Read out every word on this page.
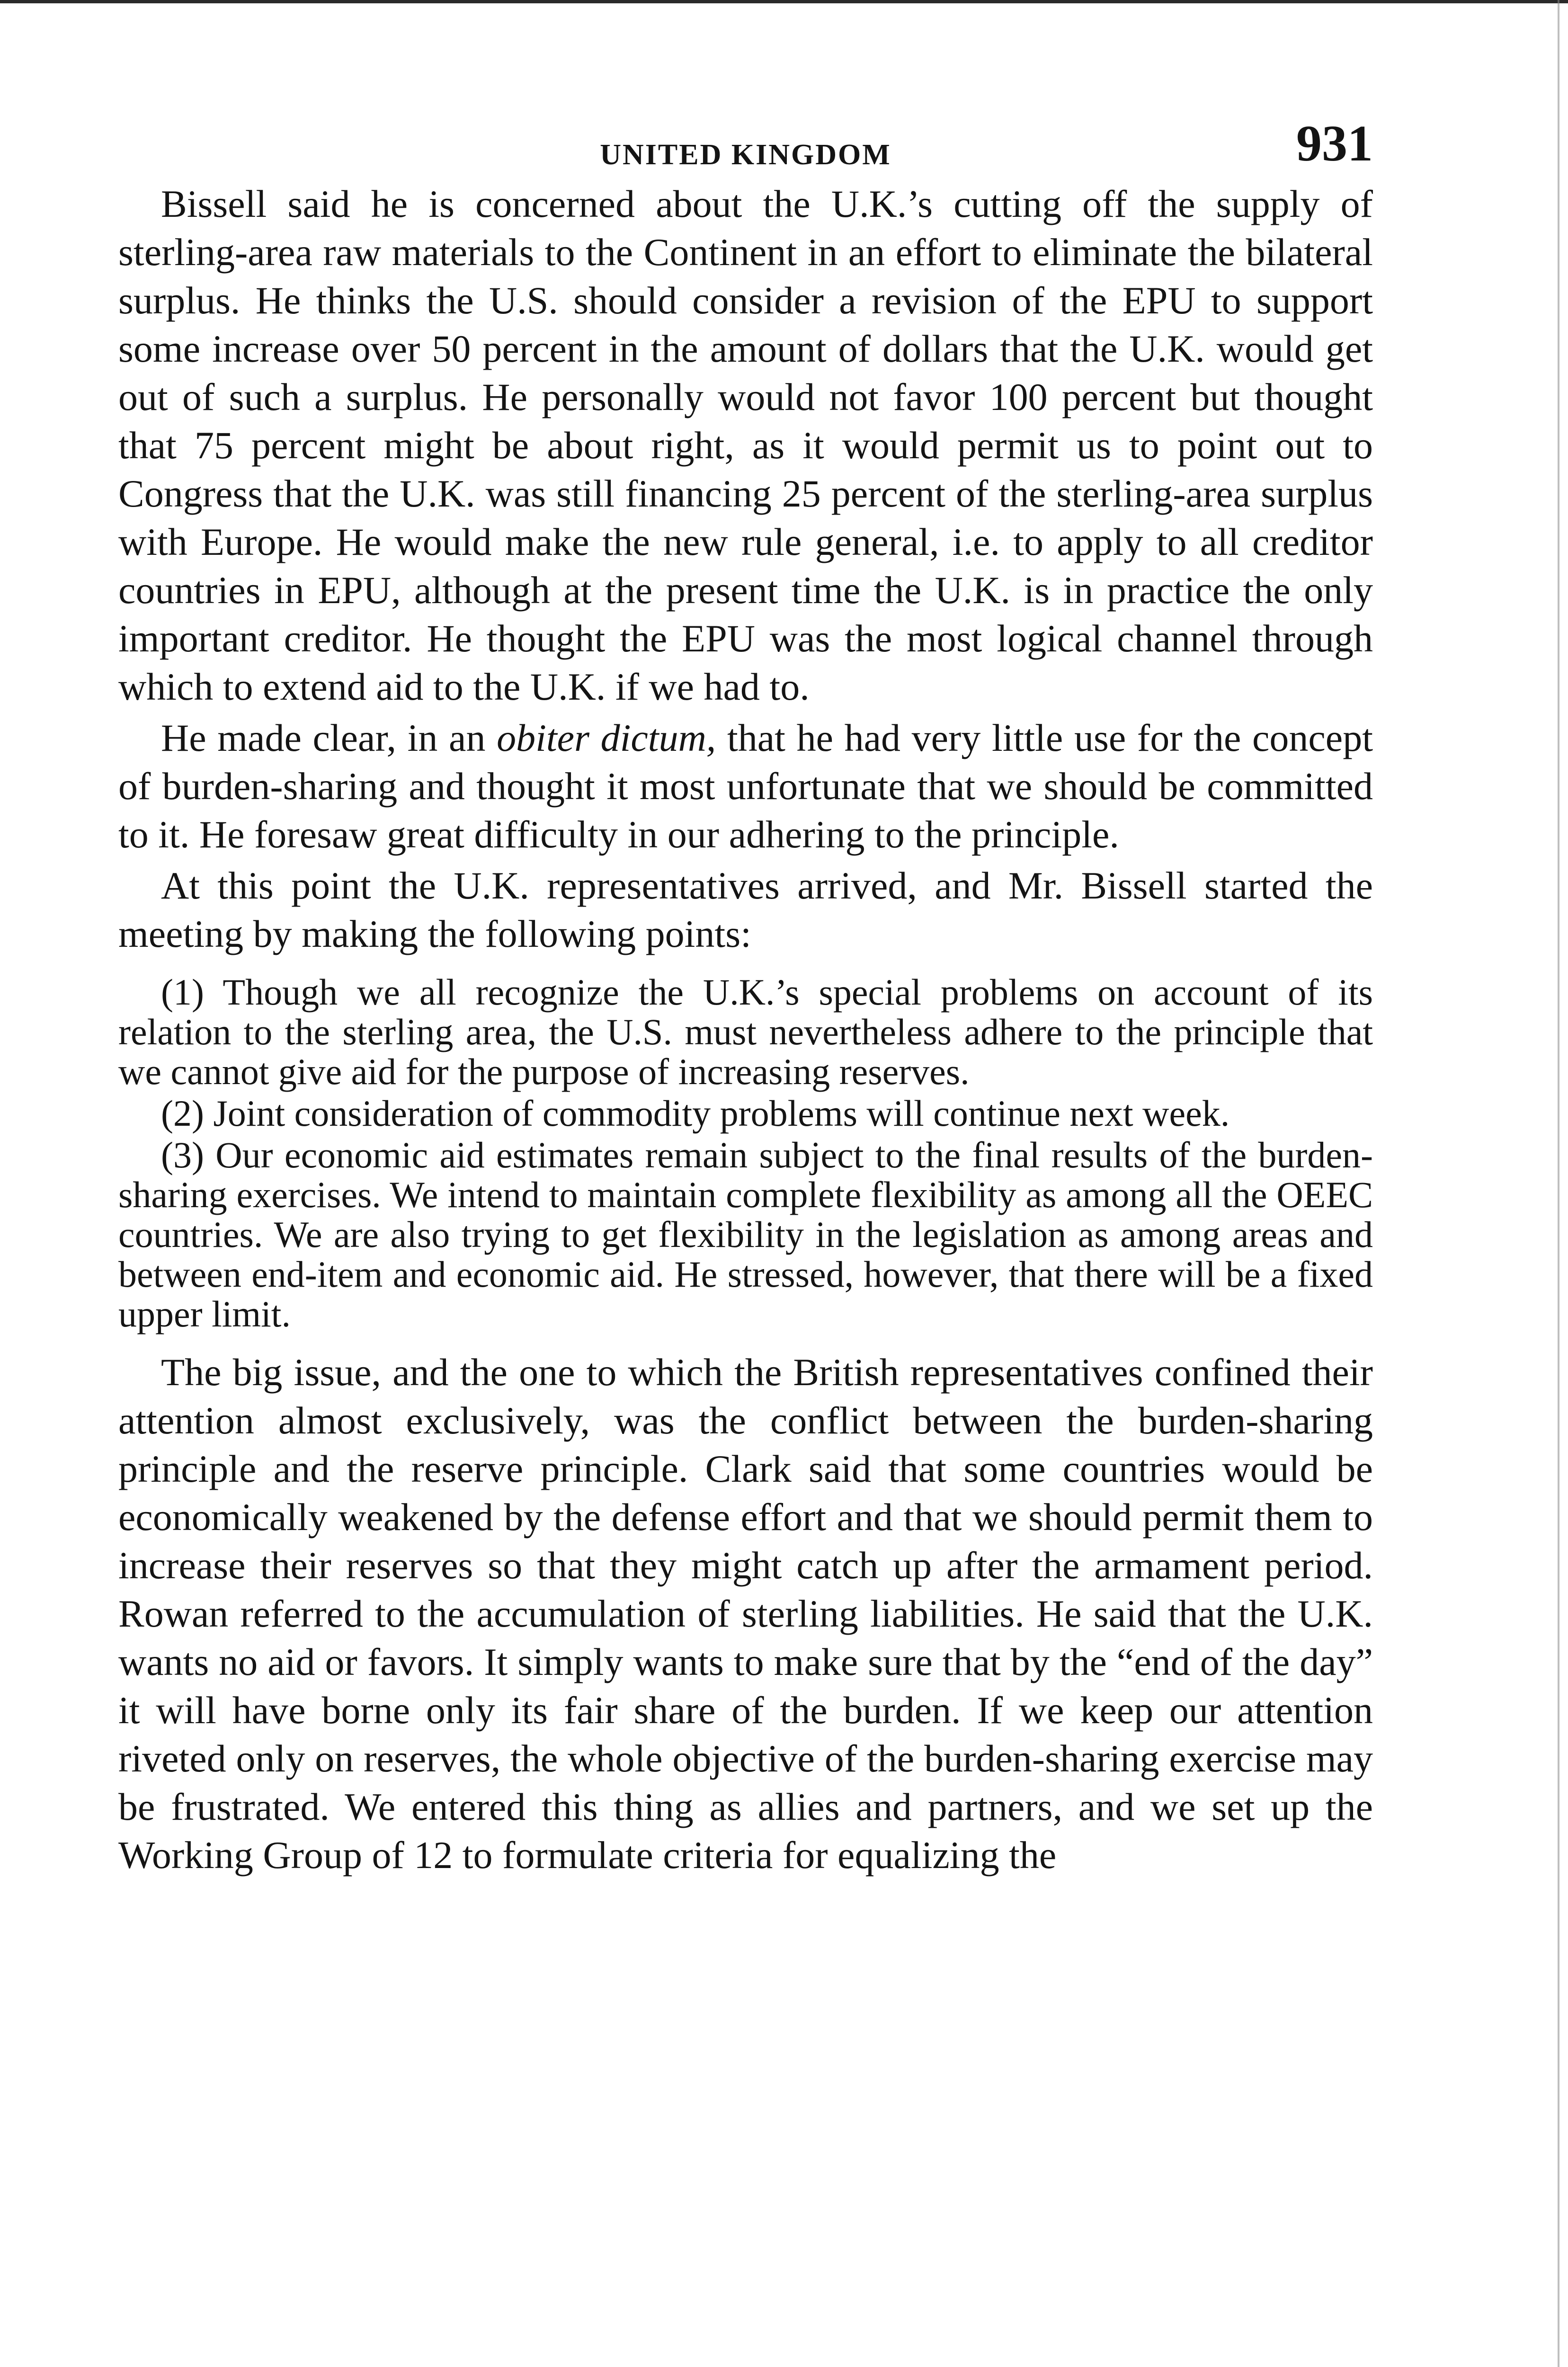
UNITED KINGDOM	931

Bissell said he is concerned about the U.K.’s cutting off the supply of sterling-area raw materials to the Continent in an effort to eliminate the bilateral surplus. He thinks the U.S. should consider a revision of the EPU to support some increase over 50 percent in the amount of dollars that the U.K. would get out of such a surplus. He personally would not favor 100 percent but thought that 75 percent might be about right, as it would permit us to point out to Congress that the U.K. was still financing 25 percent of the sterling-area surplus with Europe. He would make the new rule general, i.e. to apply to all creditor countries in EPU, although at the present time the U.K. is in practice the only important creditor. He thought the EPU was the most logical channel through which to extend aid to the U.K. if we had to.

He made clear, in an obiter dictum, that he had very little use for the concept of burden-sharing and thought it most unfortunate that we should be committed to it. He foresaw great difficulty in our adhering to the principle.

At this point the U.K. representatives arrived, and Mr. Bissell started the meeting by making the following points:

(1) Though we all recognize the U.K.’s special problems on account of its relation to the sterling area, the U.S. must nevertheless adhere to the principle that we cannot give aid for the purpose of increasing reserves.

(2) Joint consideration of commodity problems will continue next week.

(3) Our economic aid estimates remain subject to the final results of the burden-sharing exercises. We intend to maintain complete flexibility as among all the OEEC countries. We are also trying to get flexibility in the legislation as among areas and between end-item and economic aid. He stressed, however, that there will be a fixed upper limit.

The big issue, and the one to which the British representatives confined their attention almost exclusively, was the conflict between the burden-sharing principle and the reserve principle. Clark said that some countries would be economically weakened by the defense effort and that we should permit them to increase their reserves so that they might catch up after the armament period. Rowan referred to the accumulation of sterling liabilities. He said that the U.K. wants no aid or favors. It simply wants to make sure that by the “end of the day” it will have borne only its fair share of the burden. If we keep our attention riveted only on reserves, the whole objective of the burden-sharing exercise may be frustrated. We entered this thing as allies and partners, and we set up the Working Group of 12 to formulate criteria for equalizing the
